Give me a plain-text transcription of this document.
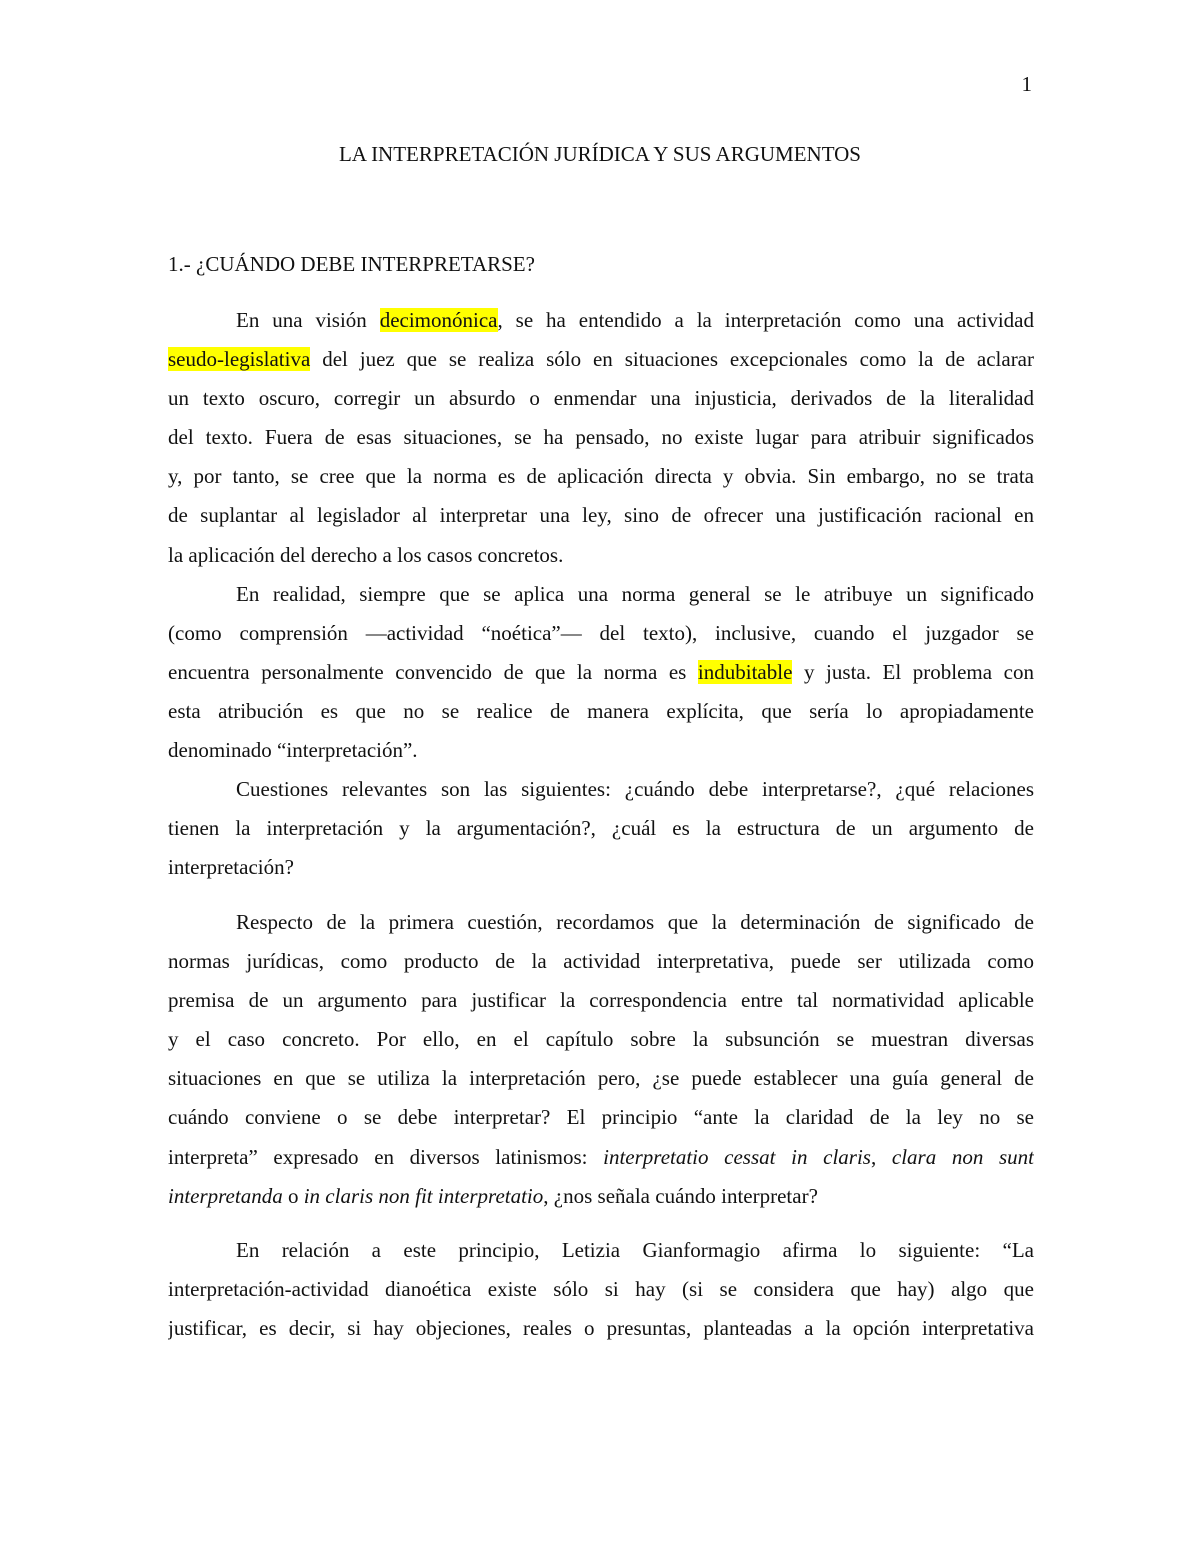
1
LA INTERPRETACIÓN JURÍDICA Y SUS ARGUMENTOS
1.- ¿CUÁNDO DEBE INTERPRETARSE?
En una visión decimonónica, se ha entendido a la interpretación como una actividad
seudo-legislativa del juez que se realiza sólo en situaciones excepcionales como la de aclarar
un texto oscuro, corregir un absurdo o enmendar una injusticia, derivados de la literalidad
del texto. Fuera de esas situaciones, se ha pensado, no existe lugar para atribuir significados
y, por tanto, se cree que la norma es de aplicación directa y obvia. Sin embargo, no se trata
de suplantar al legislador al interpretar una ley, sino de ofrecer una justificación racional en
la aplicación del derecho a los casos concretos.
En realidad, siempre que se aplica una norma general se le atribuye un significado
(como comprensión —actividad “noética”— del texto), inclusive, cuando el juzgador se
encuentra personalmente convencido de que la norma es indubitable y justa. El problema con
esta atribución es que no se realice de manera explícita, que sería lo apropiadamente
denominado “interpretación”.
Cuestiones relevantes son las siguientes: ¿cuándo debe interpretarse?, ¿qué relaciones
tienen la interpretación y la argumentación?, ¿cuál es la estructura de un argumento de
interpretación?
Respecto de la primera cuestión, recordamos que la determinación de significado de
normas jurídicas, como producto de la actividad interpretativa, puede ser utilizada como
premisa de un argumento para justificar la correspondencia entre tal normatividad aplicable
y el caso concreto. Por ello, en el capítulo sobre la subsunción se muestran diversas
situaciones en que se utiliza la interpretación pero, ¿se puede establecer una guía general de
cuándo conviene o se debe interpretar? El principio “ante la claridad de la ley no se
interpreta” expresado en diversos latinismos: interpretatio cessat in claris, clara non sunt
interpretanda o in claris non fit interpretatio, ¿nos señala cuándo interpretar?
En relación a este principio, Letizia Gianformagio afirma lo siguiente: “La
interpretación-actividad dianoética existe sólo si hay (si se considera que hay) algo que
justificar, es decir, si hay objeciones, reales o presuntas, planteadas a la opción interpretativa
